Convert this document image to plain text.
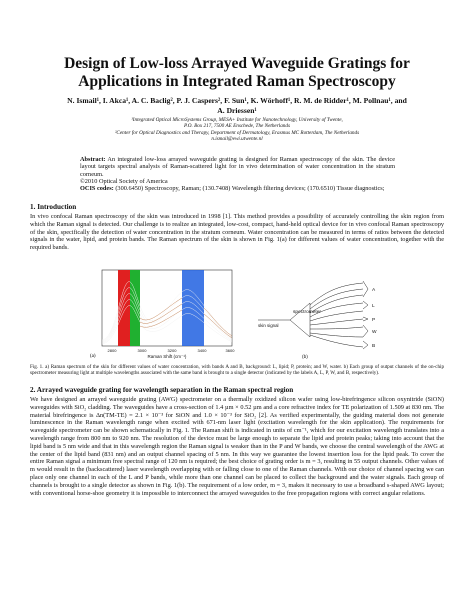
Design of Low-loss Arrayed Waveguide Gratings for
Applications in Integrated Raman Spectroscopy
N. Ismail¹, I. Akca¹, A. C. Baclig², P. J. Caspers², F. Sun¹, K. Wörhoff¹, R. M. de Ridder¹, M. Pollnau¹, and
A. Driessen¹
¹Integrated Optical MicroSystems Group, MESA+ Institute for Nanotechnology, University of Twente,
P.O. Box 217, 7500 AE Enschede, The Netherlands
²Center for Optical Diagnostics and Therapy, Department of Dermatology, Erasmus MC Rotterdam, The Netherlands
n.ismail@ewi.utwente.nl
Abstract: An integrated low-loss arrayed waveguide grating is designed for Raman spectroscopy of the skin. The device layout targets spectral analysis of Raman-scattered light for in vivo determination of water concentration in the stratum corneum.
©2010 Optical Society of America
OCIS codes: (300.6450) Spectroscopy, Raman; (130.7408) Wavelength filtering devices; (170.6510) Tissue diagnostics;
1. Introduction

In vivo confocal Raman spectroscopy of the skin was introduced in 1998 [1]. This method provides a possibility of accurately controlling the skin region from which the Raman signal is detected. Our challenge is to realize an integrated, low-cost, compact, hand-held optical device for in vivo confocal Raman spectroscopy of the skin, specifically the detection of water concentration in the stratum corneum. Water concentration can be measured in terms of ratios between the detected signals in the water, lipid, and protein bands. The Raman spectrum of the skin is shown in Fig. 1(a) for different values of water concentration, together with the required bands.

2800	3000	3200	3400	3600
Raman Shift (cm⁻¹)
(a)
spectrometer
skin signal
A
L
P
W
B
(b)
Fig. 1. a) Raman spectrum of the skin for different values of water concentration, with bands A and B, background: L, lipid; P, protein; and W, water. b) Each group of output channels of the on-chip spectrometer measuring light at multiple wavelengths associated with the same band is brought to a single detector (indicated by the labels A, L, P, W, and B, respectively).
2. Arrayed waveguide grating for wavelength separation in the Raman spectral region

We have designed an arrayed waveguide grating (AWG) spectrometer on a thermally oxidized silicon wafer using low-birefringence silicon oxynitride (SiON) waveguides with SiO₂ cladding. The waveguides have a cross-section of 1.4 µm × 0.52 µm and a core refractive index for TE polarization of 1.509 at 830 nm. The material birefringence is Δn(TM-TE) = 2.1 × 10⁻³ for SiON and 1.0 × 10⁻³ for SiO₂ [2]. As verified experimentally, the guiding material does not generate luminescence in the Raman wavelength range when excited with 671-nm laser light (excitation wavelength for the skin application). The requirements for waveguide spectrometer can be shown schematically in Fig. 1. The Raman shift is indicated in units of cm⁻¹, which for our excitation wavelength translates into a wavelength range from 800 nm to 920 nm. The resolution of the device must be large enough to separate the lipid and protein peaks; taking into account that the lipid band is 5 nm wide and that in this wavelength region the Raman signal is weaker than in the P and W bands, we choose the central wavelength of the AWG at the center of the lipid band (831 nm) and an output channel spacing of 5 nm. In this way we guarantee the lowest insertion loss for the lipid peak. To cover the entire Raman signal a minimum free spectral range of 120 nm is required; the best choice of grating order is m = 3, resulting in 55 output channels. Other values of m would result in the (backscattered) laser wavelength overlapping with or falling close to one of the Raman channels. With our choice of channel spacing we can place only one channel in each of the L and P bands, while more than one channel can be placed to collect the background and the water signals. Each group of channels is brought to a single detector as shown in Fig. 1(b). The requirement of a low order, m = 3, makes it necessary to use a broadband s-shaped AWG layout; with conventional horse-shoe geometry it is impossible to interconnect the arrayed waveguides to the free propagation regions with correct angular relations.
